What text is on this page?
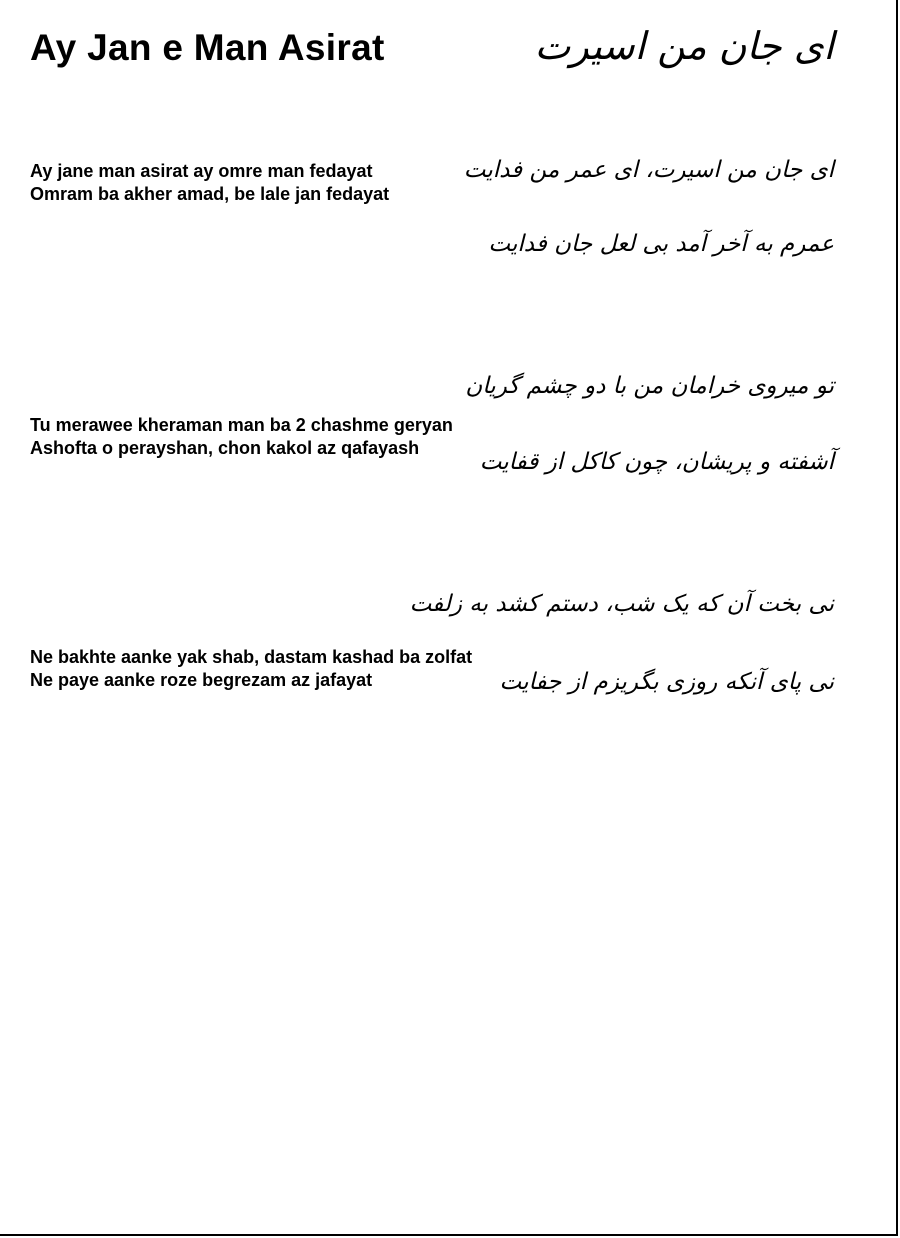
Ay Jan e Man Asirat	ای جان من اسیرت
Ay jane man asirat ay omre man fedayat
Omram ba akher amad, be lale jan fedayat
ای جان من اسیرت، ای عمر من فدایت
عمرم به آخر آمد بی لعل جان فدایت
Tu merawee kheraman man ba 2 chashme geryan
Ashofta o perayshan, chon kakol az qafayash
تو میروی خرامان من با دو چشم گریان
آشفته و پریشان، چون کاکل از قفایت
Ne bakhte aanke yak shab, dastam kashad ba zolfat
Ne paye aanke roze begrezam az jafayat
نی بخت آن که یک شب، دستم کشد به زلفت
نی پای آنکه روزی بگریزم از جفایت
